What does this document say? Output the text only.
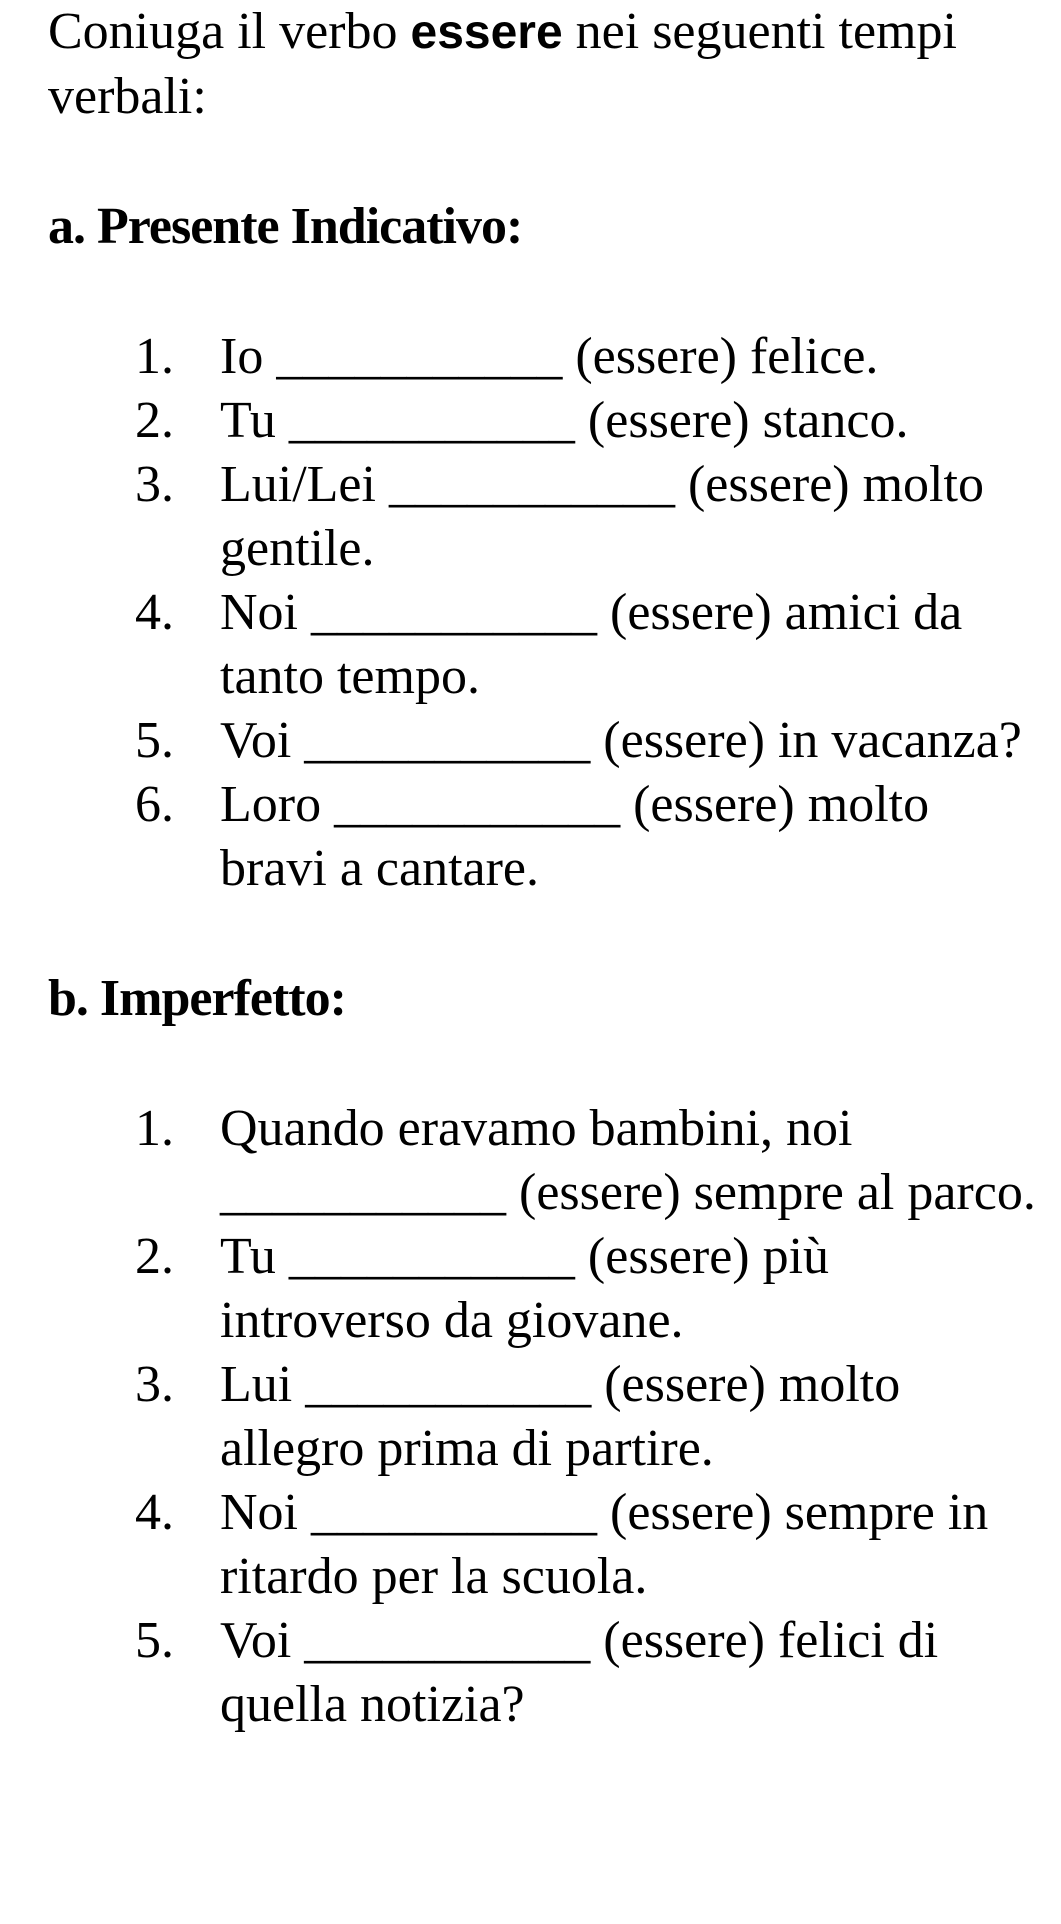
Coniuga il verbo essere nei seguenti tempi verbali:

a. Presente Indicativo:
1. Io ___________ (essere) felice.
2. Tu ___________ (essere) stanco.
3. Lui/Lei ___________ (essere) molto gentile.
4. Noi ___________ (essere) amici da tanto tempo.
5. Voi ___________ (essere) in vacanza?
6. Loro ___________ (essere) molto bravi a cantare.
b. Imperfetto:
1. Quando eravamo bambini, noi ___________ (essere) sempre al parco.
2. Tu ___________ (essere) più introverso da giovane.
3. Lui ___________ (essere) molto allegro prima di partire.
4. Noi ___________ (essere) sempre in ritardo per la scuola.
5. Voi ___________ (essere) felici di quella notizia?
